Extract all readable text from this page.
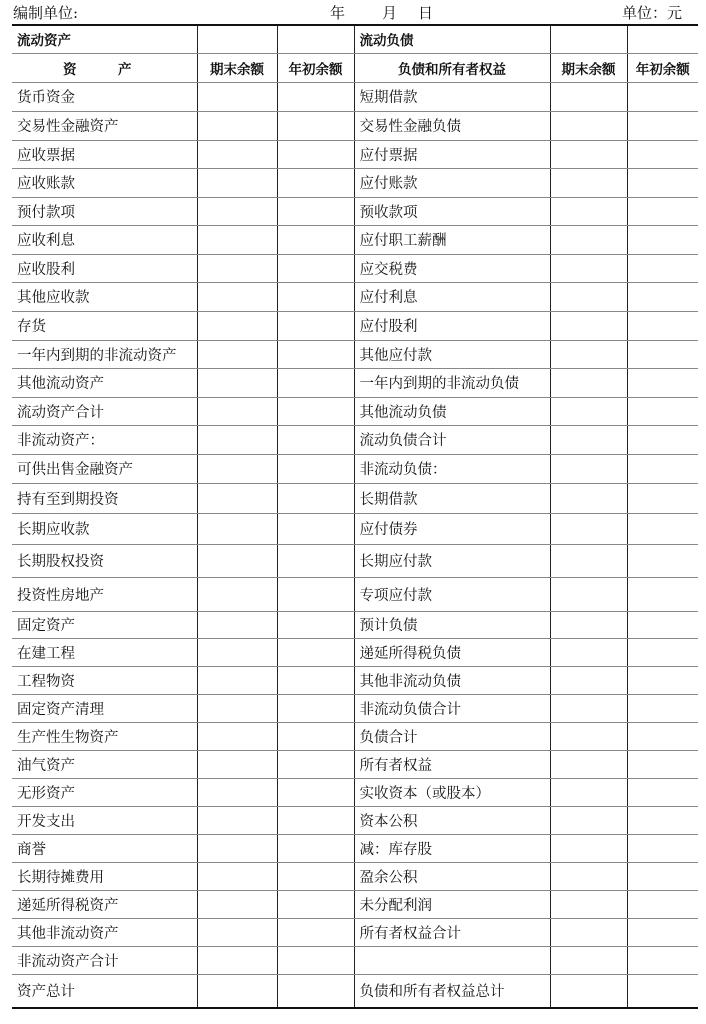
编制单位:	年 月 日	单位：元
流动资产			流动负债		
资　产	期末余额	年初余额	负债和所有者权益	期末余额	年初余额
货币资金			短期借款		
交易性金融资产			交易性金融负债		
应收票据			应付票据		
应收账款			应付账款		
预付款项			预收款项		
应收利息			应付职工薪酬		
应收股利			应交税费		
其他应收款			应付利息		
存货			应付股利		
一年内到期的非流动资产			其他应付款		
其他流动资产			一年内到期的非流动负债		
流动资产合计			其他流动负债		
非流动资产：			流动负债合计		
可供出售金融资产			非流动负债：		
持有至到期投资			长期借款		
长期应收款			应付债券		
长期股权投资			长期应付款		
投资性房地产			专项应付款		
固定资产			预计负债		
在建工程			递延所得税负债		
工程物资			其他非流动负债		
固定资产清理			非流动负债合计		
生产性生物资产			负债合计		
油气资产			所有者权益		
无形资产			实收资本（或股本）		
开发支出			资本公积		
商誉			减：库存股		
长期待摊费用			盈余公积		
递延所得税资产			未分配利润		
其他非流动资产			所有者权益合计		
非流动资产合计					
资产总计			负债和所有者权益总计		
